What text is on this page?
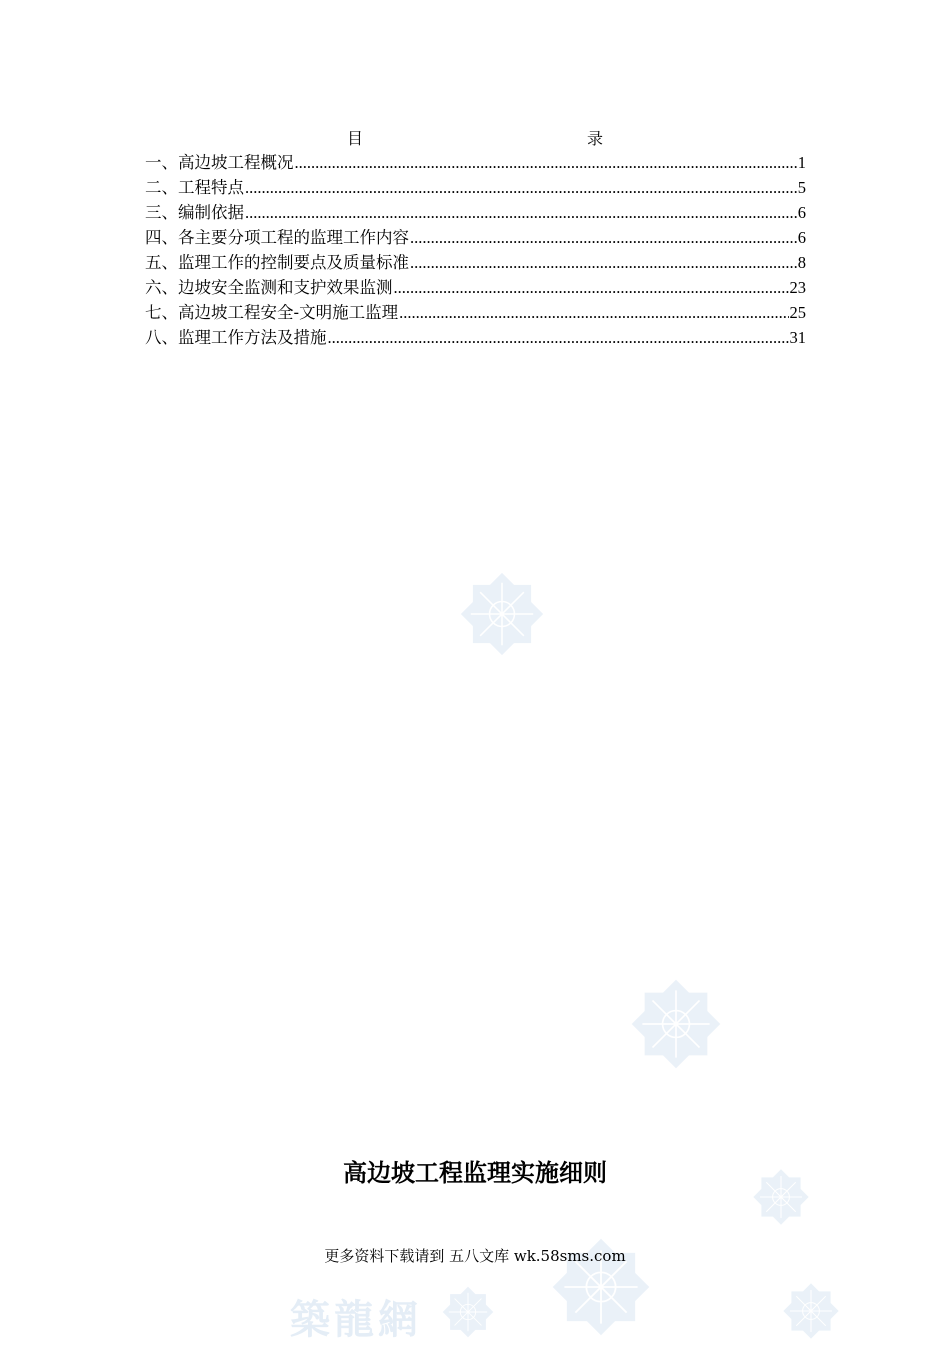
築龍網
目　　录
一、高边坡工程概况 .....	1
二、工程特点 .....	5
三、编制依据 .....	6
四、各主要分项工程的监理工作内容 .....	6
五、监理工作的控制要点及质量标准 .....	8
六、边坡安全监测和支护效果监测 .....	23
七、高边坡工程安全-文明施工监理 .....	25
八、监理工作方法及措施 .....	31
高边坡工程监理实施细则
更多资料下载请到 五八文库 wk.58sms.com
